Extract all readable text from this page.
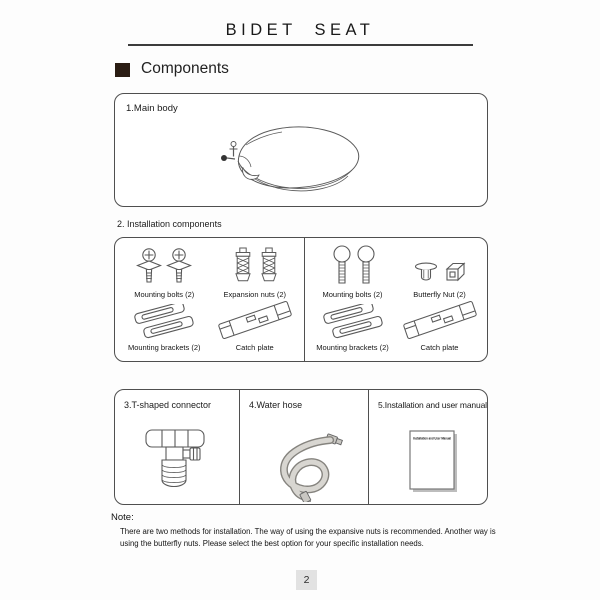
BIDET SEAT
Components
1.Main body
2. Installation components
Mounting bolts (2)	Expansion nuts (2)
Mounting brackets (2)	Catch plate
Mounting bolts (2)	Butterfly Nut (2)
Mounting brackets (2)	Catch plate
3.T-shaped connector	4.Water hose	5.Installation and user manual
Installation and User Manual
Note:
There are two methods for installation. The way of using the expansive nuts is recommended. Another way is
using the butterfly nuts. Please select the best option for your specific installation needs.
2
